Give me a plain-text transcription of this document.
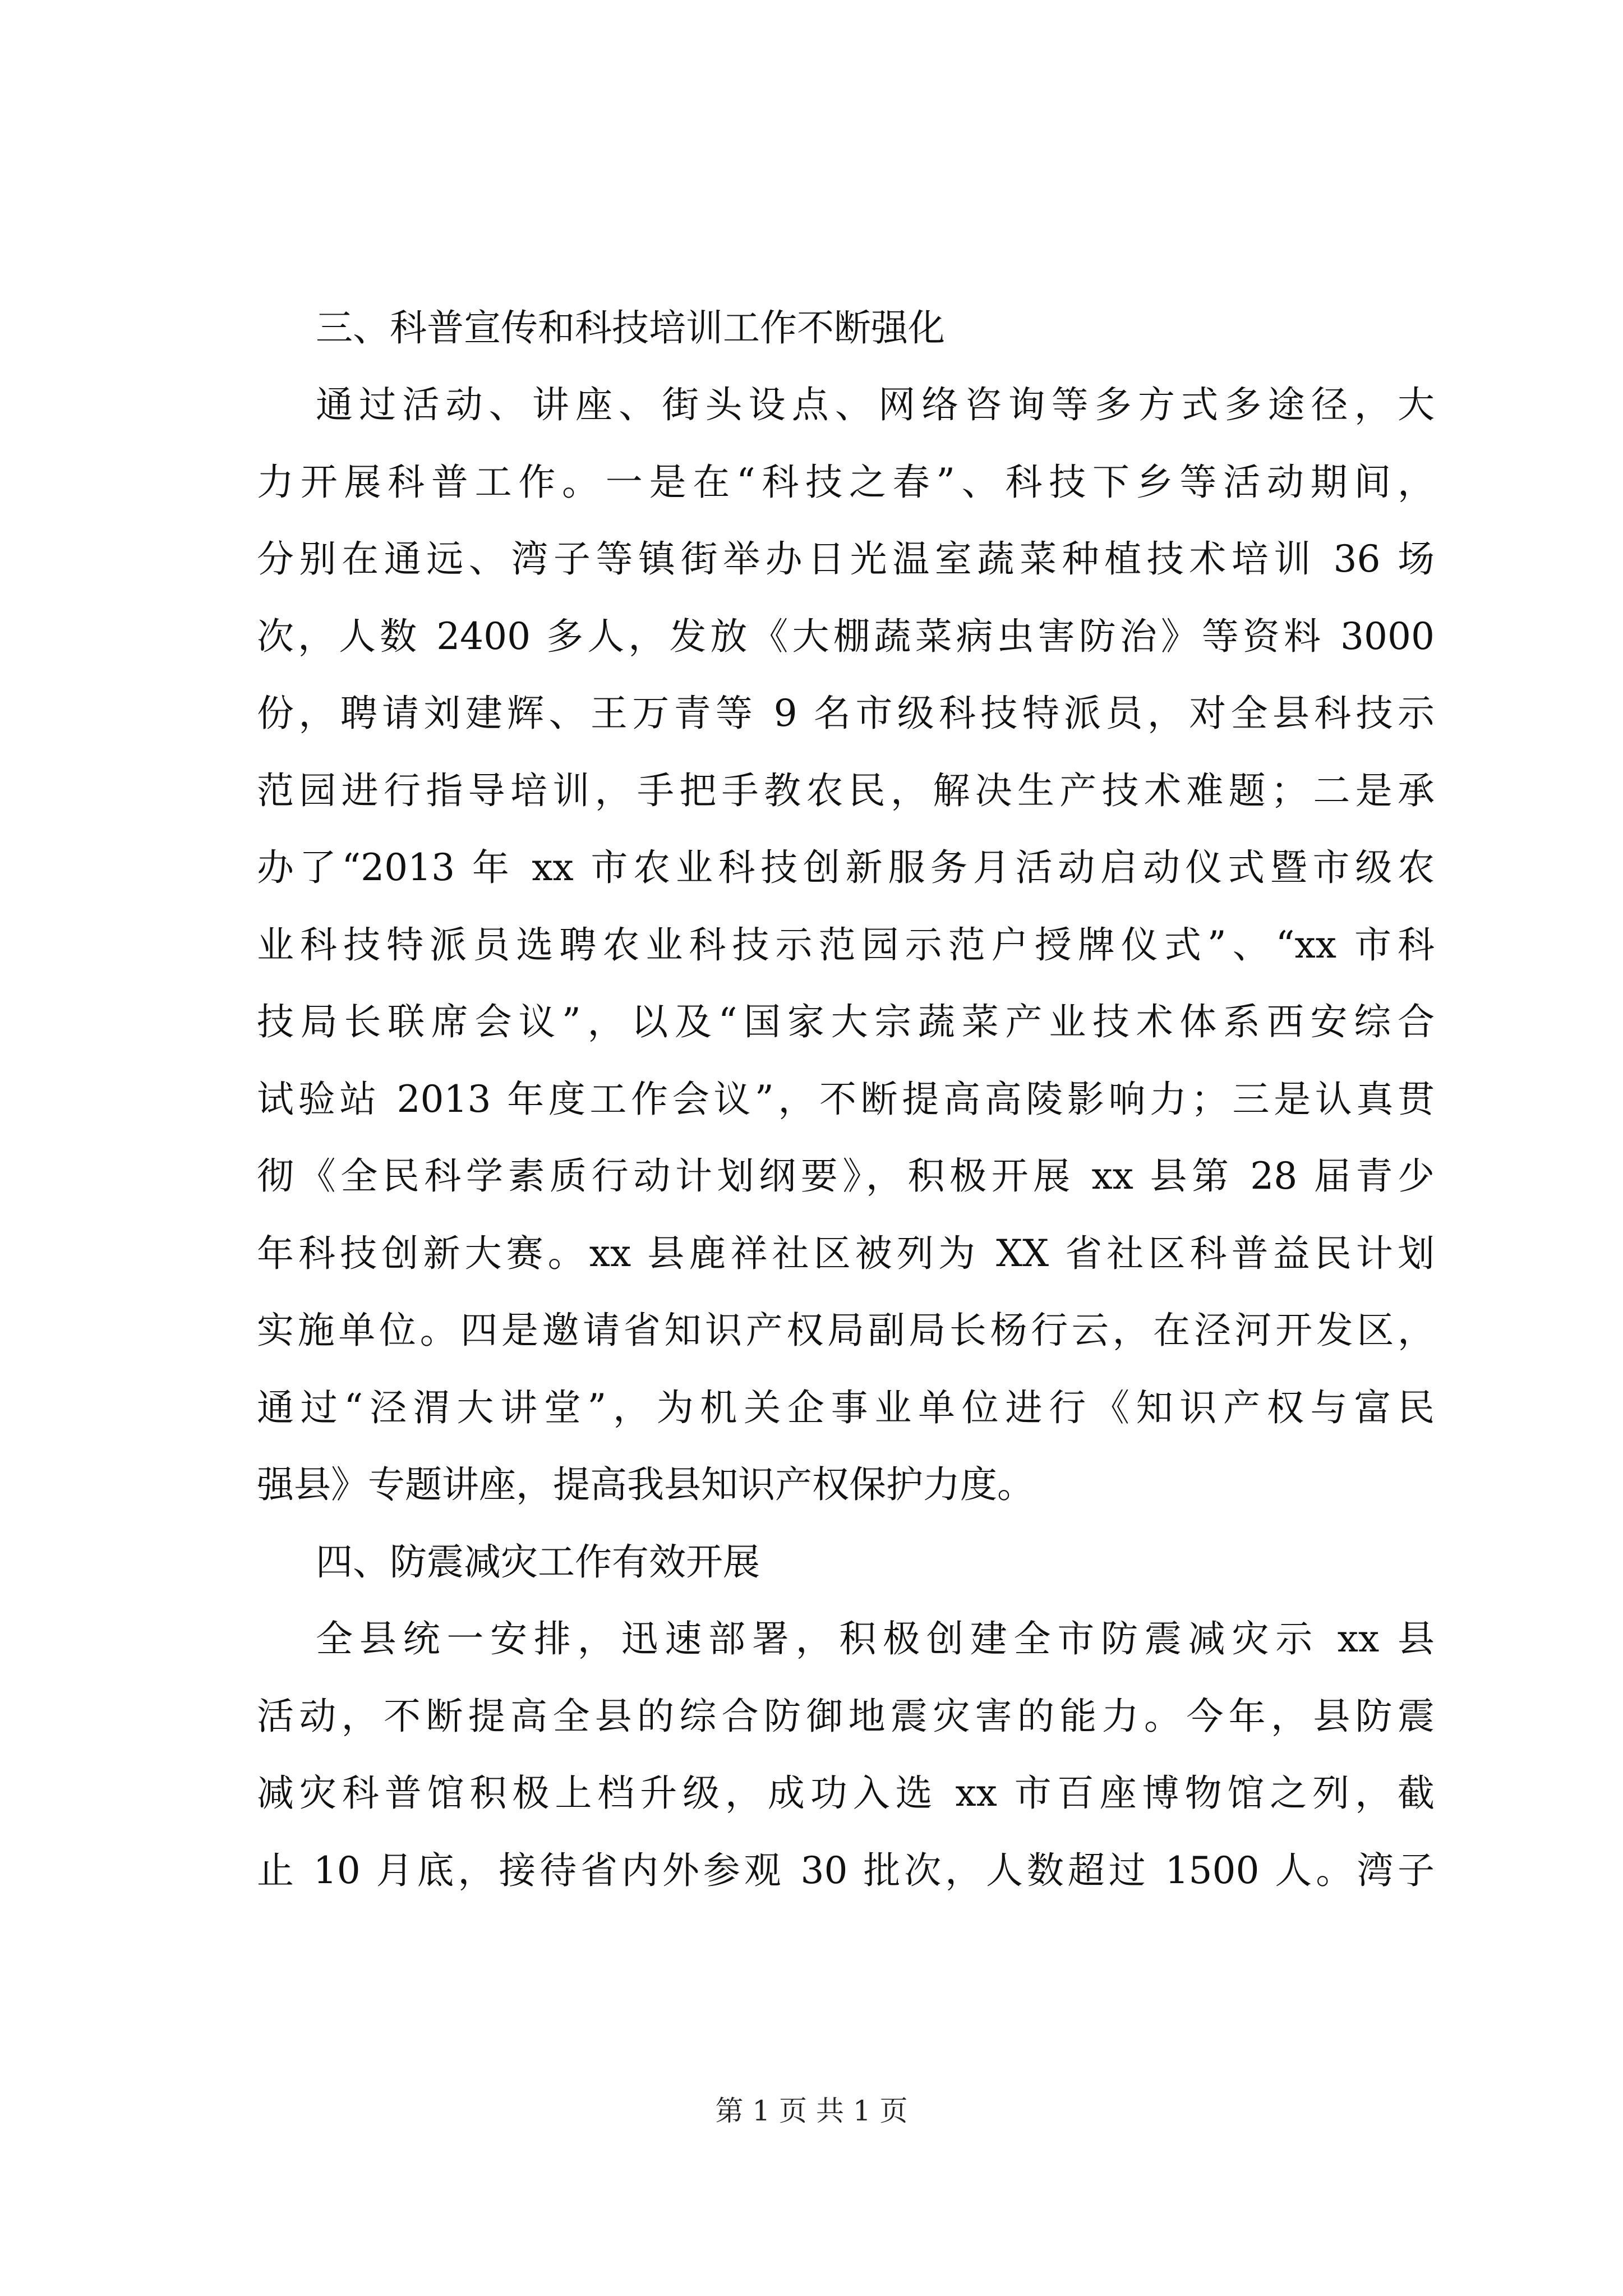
三、科普宣传和科技培训工作不断强化
通过活动、讲座、街头设点、网络咨询等多方式多途径，大
力开展科普工作。一是在“科技之春”、科技下乡等活动期间，
分别在通远、湾子等镇街举办日光温室蔬菜种植技术培训 36 场
次，人数 2400 多人，发放《大棚蔬菜病虫害防治》等资料 3000
份，聘请刘建辉、王万青等 9 名市级科技特派员，对全县科技示
范园进行指导培训，手把手教农民，解决生产技术难题；二是承
办了“2013 年 xx 市农业科技创新服务月活动启动仪式暨市级农
业科技特派员选聘农业科技示范园示范户授牌仪式”、“xx 市科
技局长联席会议”，以及“国家大宗蔬菜产业技术体系西安综合
试验站 2013 年度工作会议”，不断提高高陵影响力；三是认真贯
彻《全民科学素质行动计划纲要》，积极开展 xx 县第 28 届青少
年科技创新大赛。xx 县鹿祥社区被列为 XX 省社区科普益民计划
实施单位。四是邀请省知识产权局副局长杨行云，在泾河开发区，
通过“泾渭大讲堂”，为机关企事业单位进行《知识产权与富民
强县》专题讲座，提高我县知识产权保护力度。
四、防震减灾工作有效开展
全县统一安排，迅速部署，积极创建全市防震减灾示 xx 县
活动，不断提高全县的综合防御地震灾害的能力。今年，县防震
减灾科普馆积极上档升级，成功入选 xx 市百座博物馆之列，截
止 10 月底，接待省内外参观 30 批次，人数超过 1500 人。湾子
第 1 页 共 1 页
